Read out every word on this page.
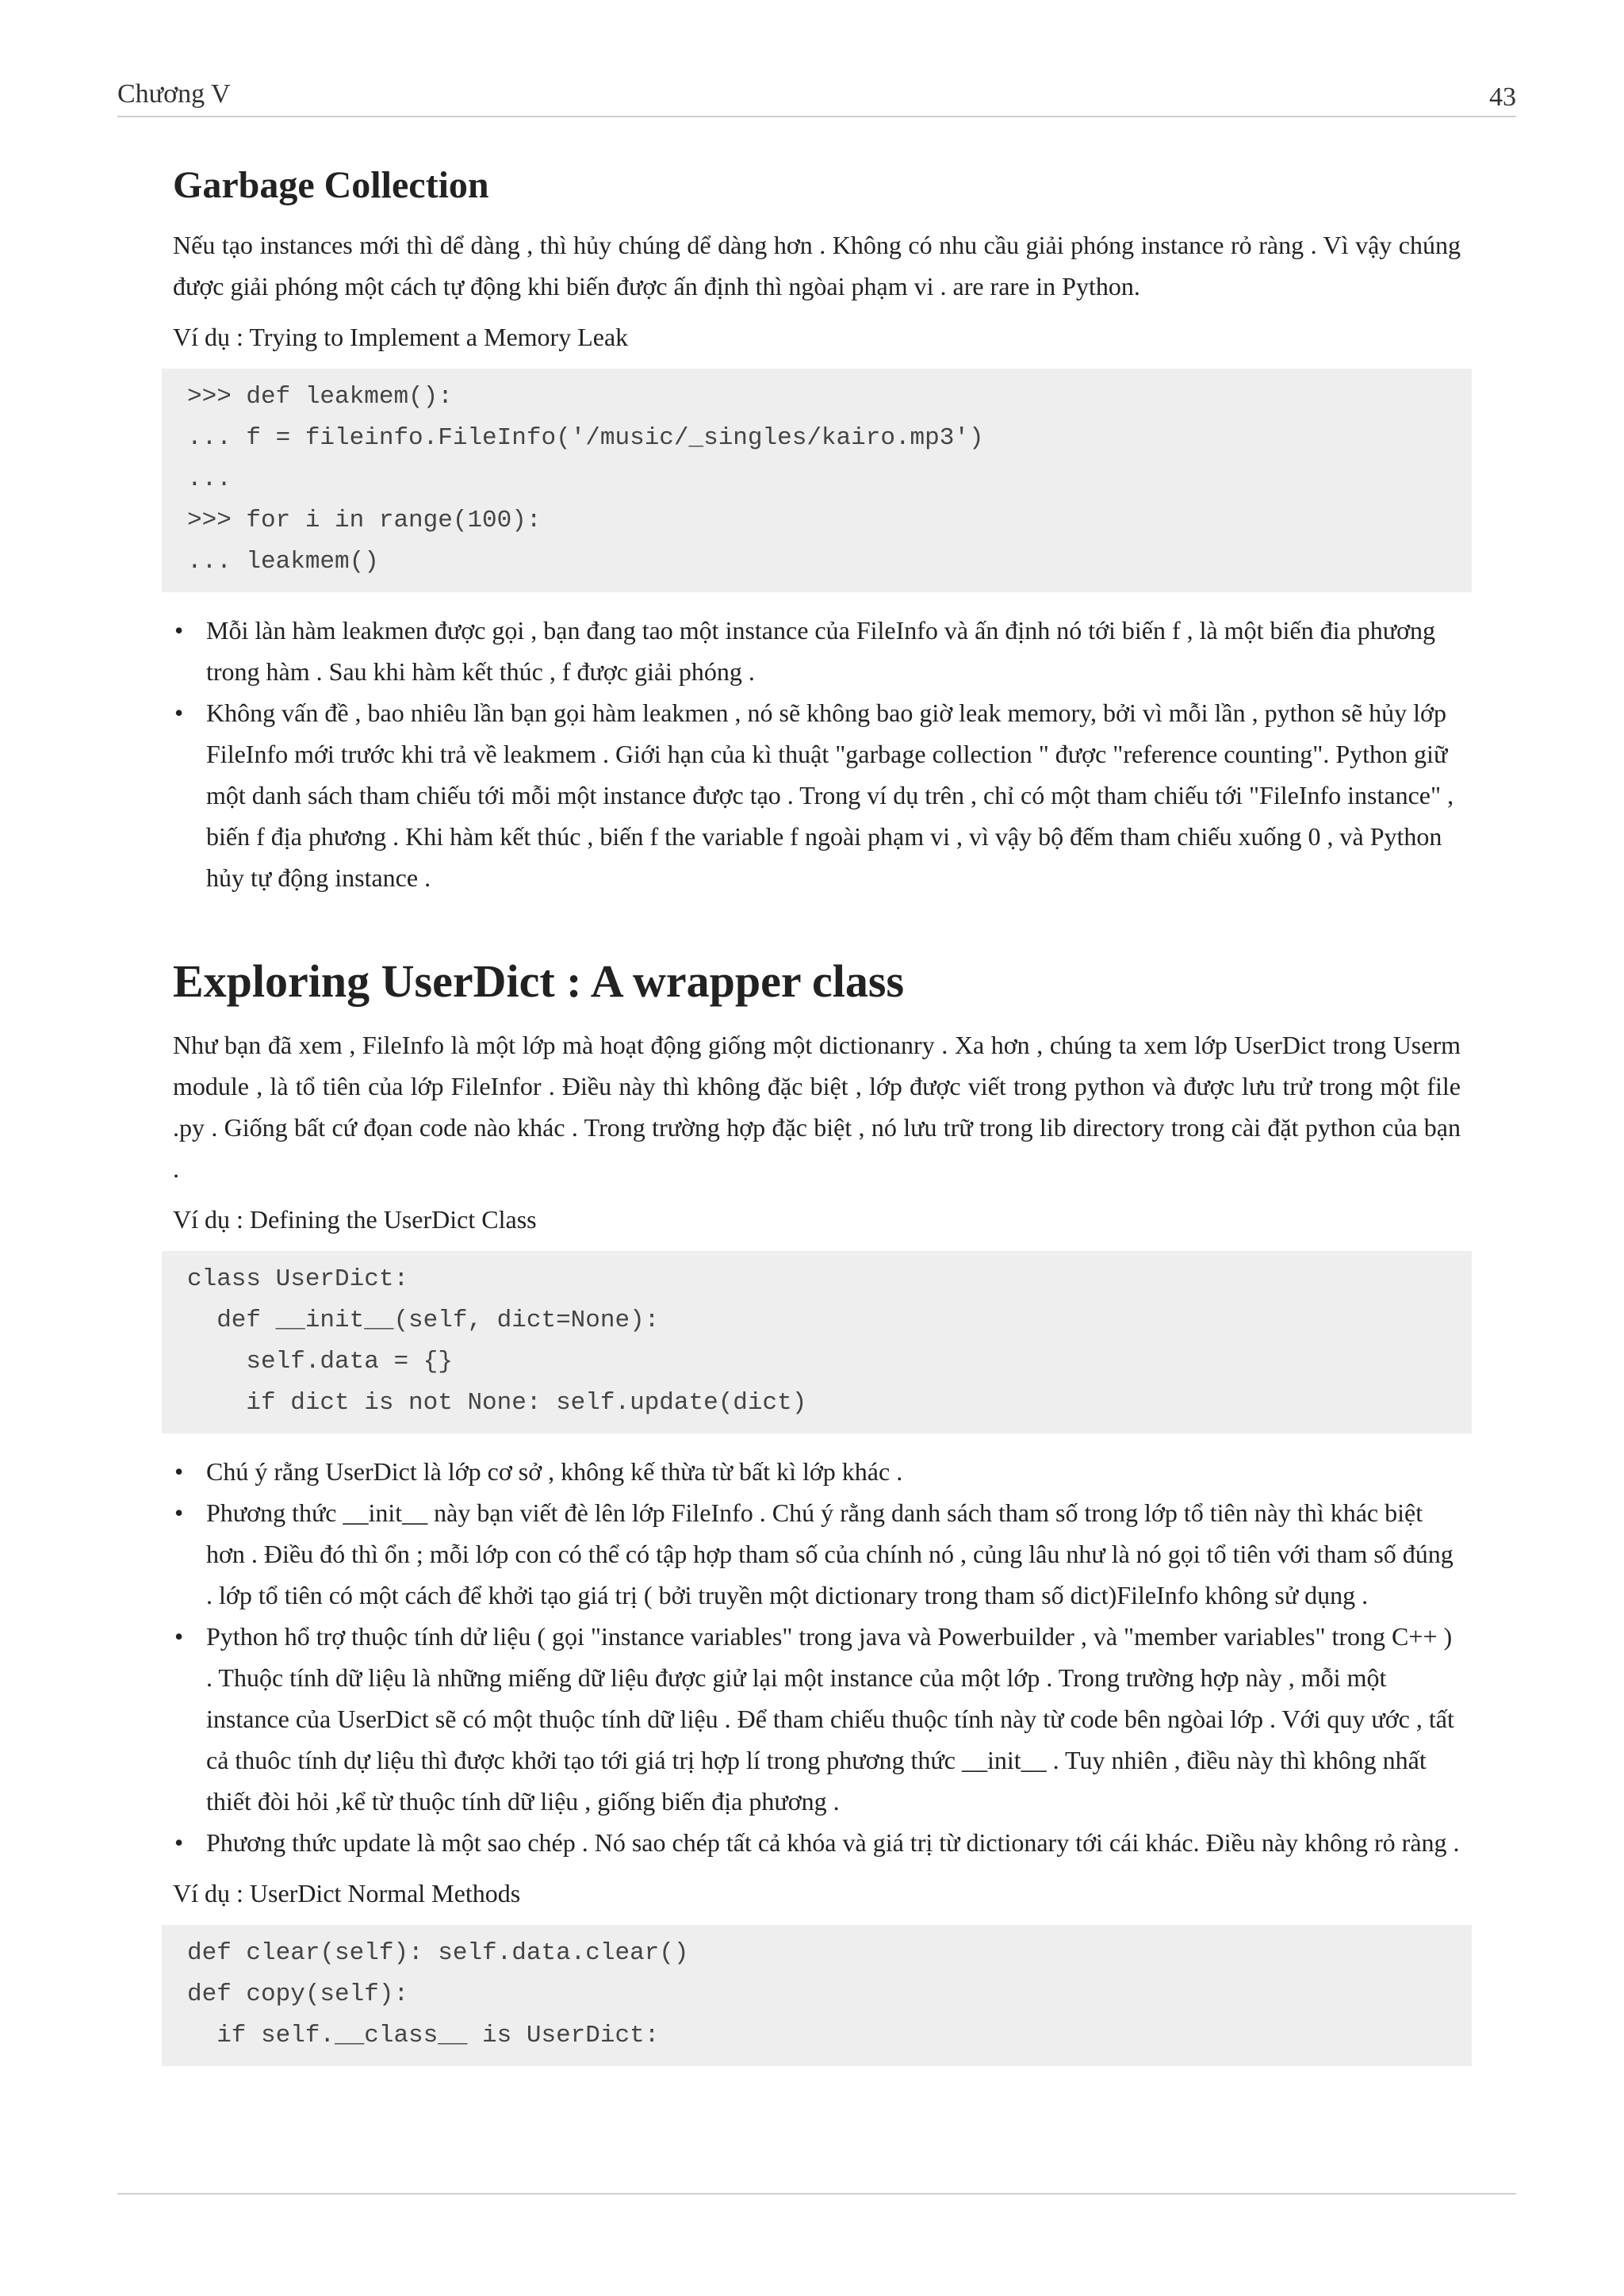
Chương V	43
Garbage Collection

Nếu tạo instances mới thì dể dàng , thì hủy chúng dể dàng hơn . Không có nhu cầu giải phóng instance rỏ ràng . Vì vậy chúng được giải phóng một cách tự động khi biến được ấn định thì ngòai phạm vi . are rare in Python.

Ví dụ : Trying to Implement a Memory Leak

>>> def leakmem():
... f = fileinfo.FileInfo('/music/_singles/kairo.mp3')
...
>>> for i in range(100):
... leakmem()
• Mỗi làn hàm leakmen được gọi , bạn đang tao một instance của FileInfo và ấn định nó tới biến f , là một biến đia phương trong hàm . Sau khi hàm kết thúc , f được giải phóng .
• Không vấn đề , bao nhiêu lần bạn gọi hàm leakmen , nó sẽ không bao giờ leak memory, bởi vì mỗi lần , python sẽ hủy lớp FileInfo mới trước khi trả về leakmem . Giới hạn của kì thuật "garbage collection " được "reference counting". Python giữ một danh sách tham chiếu tới mỗi một instance được tạo . Trong ví dụ trên , chỉ có một tham chiếu tới "FileInfo instance" , biến f địa phương . Khi hàm kết thúc , biến f the variable f ngoài phạm vi , vì vậy bộ đếm tham chiếu xuống 0 , và Python hủy tự động instance .
Exploring UserDict : A wrapper class

Như bạn đã xem , FileInfo là một lớp mà hoạt động giống một dictionanry . Xa hơn , chúng ta xem lớp UserDict trong Userm module , là tổ tiên của lớp FileInfor . Điều này thì không đặc biệt , lớp được viết trong python và được lưu trử trong một file .py . Giống bất cứ đọan code nào khác . Trong trường hợp đặc biệt , nó lưu trữ trong lib directory trong cài đặt python của bạn .

Ví dụ : Defining the UserDict Class

class UserDict:
def __init__(self, dict=None):
self.data = {}
if dict is not None: self.update(dict)
• Chú ý rằng UserDict là lớp cơ sở , không kế thừa từ bất kì lớp khác .
• Phương thức __init__ này bạn viết đè lên lớp FileInfo . Chú ý rằng danh sách tham số trong lớp tổ tiên này thì khác biệt hơn . Điều đó thì ổn ; mỗi lớp con có thể có tập hợp tham số của chính nó , củng lâu như là nó gọi tổ tiên với tham số đúng . lớp tổ tiên có một cách để khởi tạo giá trị ( bởi truyền một dictionary trong tham số dict)FileInfo không sử dụng .
• Python hổ trợ thuộc tính dử liệu ( gọi "instance variables" trong java và Powerbuilder , và "member variables" trong C++ ) . Thuộc tính dữ liệu là những miếng dữ liệu được giử lại một instance của một lớp . Trong trường hợp này , mỗi một instance của UserDict sẽ có một thuộc tính dữ liệu . Để tham chiếu thuộc tính này từ code bên ngòai lớp . Với quy ước , tất cả thuôc tính dự liệu thì được khởi tạo tới giá trị hợp lí trong phương thức __init__ . Tuy nhiên , điều này thì không nhất thiết đòi hỏi ,kể từ thuộc tính dữ liệu , giống biến địa phương .
• Phương thức update là một sao chép . Nó sao chép tất cả khóa và giá trị từ dictionary tới cái khác. Điều này không rỏ ràng .

Ví dụ : UserDict Normal Methods

def clear(self): self.data.clear()
def copy(self):
if self.__class__ is UserDict:
